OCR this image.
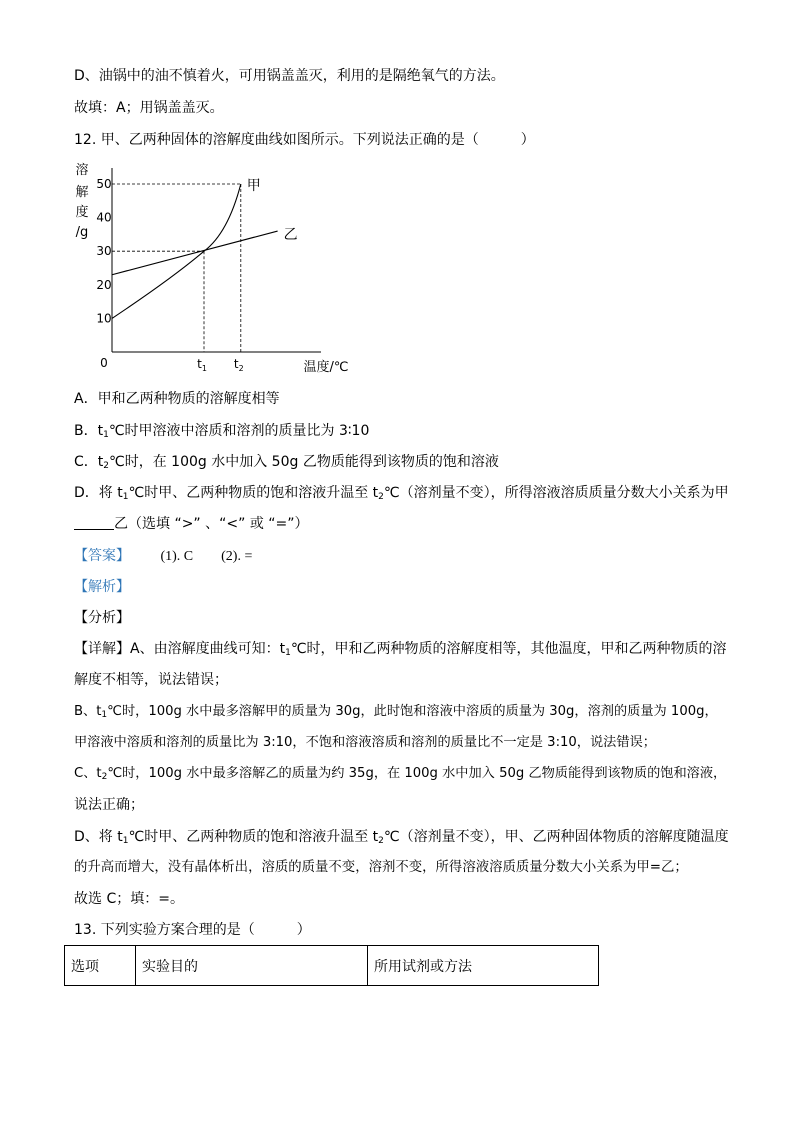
D、油锅中的油不慎着火，可用锅盖盖灭，利用的是隔绝氧气的方法。
故填：A；用锅盖盖灭。
12. 甲、乙两种固体的溶解度曲线如图所示。下列说法正确的是（　　　）
溶
解
度
/g
10
20
30
40
50
$t_1$ $t_2$
甲
乙
0	温度/℃
A．甲和乙两种物质的溶解度相等
B．$t_1℃$时甲溶液中溶质和溶剂的质量比为 3∶10
C．$t_2℃$时，在 100g 水中加入 50g 乙物质能得到该物质的饱和溶液
D．将 $t_1℃$时甲、乙两种物质的饱和溶液升温至 $t_2℃$（溶剂量不变），所得溶液溶质质量分数大小关系为甲
乙（选填 “>” 、“<” 或 “=”）
【答案】 (1). C　　(2). =
【解析】
【分析】
【详解】A、由溶解度曲线可知：$t_1℃$时，甲和乙两种物质的溶解度相等，其他温度，甲和乙两种物质的溶
解度不相等，说法错误；
B、$t_1℃$时，100g 水中最多溶解甲的质量为 30g，此时饱和溶液中溶质的质量为 30g，溶剂的质量为 100g，
甲溶液中溶质和溶剂的质量比为 3:10，不饱和溶液溶质和溶剂的质量比不一定是 3:10，说法错误；
C、$t_2℃$时，100g 水中最多溶解乙的质量为约 35g，在 100g 水中加入 50g 乙物质能得到该物质的饱和溶液，
说法正确；
D、将 $t_1℃$时甲、乙两种物质的饱和溶液升温至 $t_2℃$（溶剂量不变），甲、乙两种固体物质的溶解度随温度
的升高而增大，没有晶体析出，溶质的质量不变，溶剂不变，所得溶液溶质质量分数大小关系为甲=乙；
故选 C；填：=。
13. 下列实验方案合理的是（　　　）
选项	实验目的	所用试剂或方法
